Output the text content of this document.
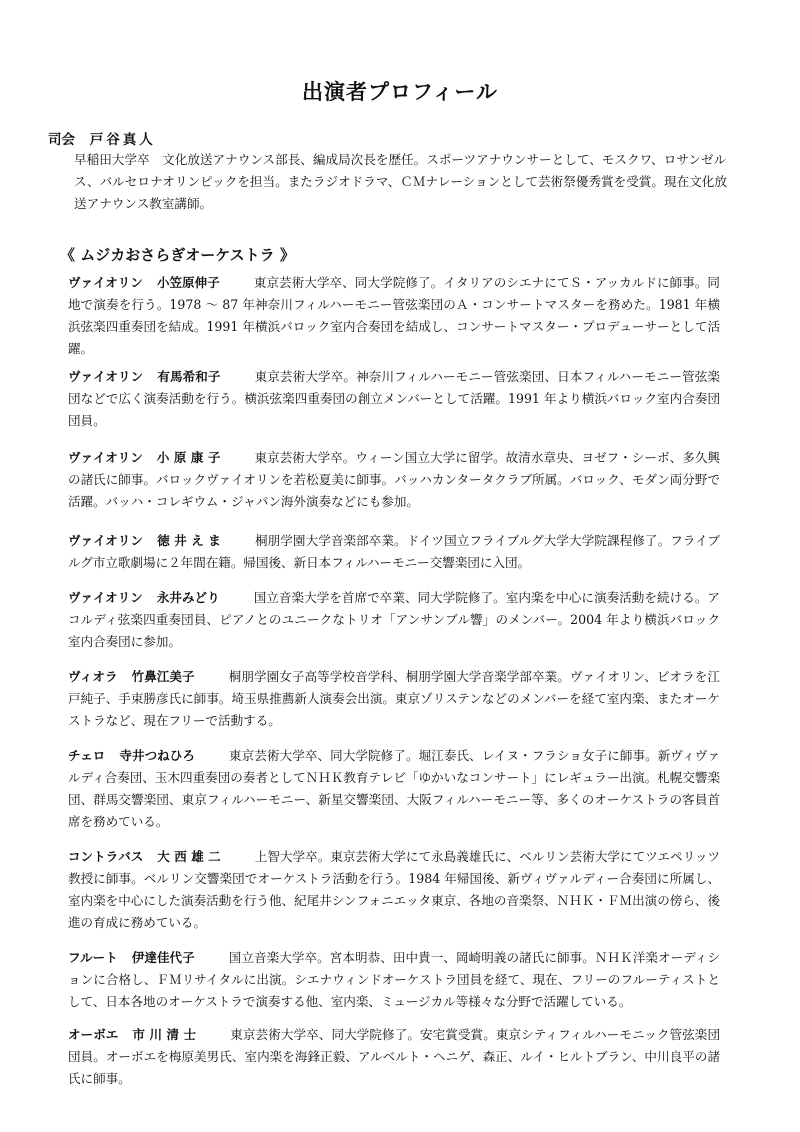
出演者プロフィール
司会 戸谷真人
早稲田大学卒　文化放送アナウンス部長、編成局次長を歴任。スポーツアナウンサーとして、モスクワ、ロサンゼルス、バルセロナオリンピックを担当。またラジオドラマ、ＣＭナレーションとして芸術祭優秀賞を受賞。現在文化放送アナウンス教室講師。
《 ムジカおさらぎオーケストラ 》
ヴァイオリン 小笠原伸子	東京芸術大学卒、同大学院修了。イタリアのシエナにてＳ・アッカルドに師事。同地で演奏を行う。1978 ～ 87 年神奈川フィルハーモニー管弦楽団のＡ・コンサートマスターを務めた。1981 年横浜弦楽四重奏団を結成。1991 年横浜バロック室内合奏団を結成し、コンサートマスター・プロデューサーとして活躍。
ヴァイオリン 有馬希和子	東京芸術大学卒。神奈川フィルハーモニー管弦楽団、日本フィルハーモニー管弦楽団などで広く演奏活動を行う。横浜弦楽四重奏団の創立メンバーとして活躍。1991 年より横浜バロック室内合奏団団員。
ヴァイオリン 小 原 康 子	東京芸術大学卒。ウィーン国立大学に留学。故清水章央、ヨゼフ・シーボ、多久興の諸氏に師事。バロックヴァイオリンを若松夏美に師事。バッハカンタータクラブ所属。バロック、モダン両分野で活躍。バッハ・コレギウム・ジャパン海外演奏などにも参加。
ヴァイオリン 徳 井 え ま	桐朋学園大学音楽部卒業。ドイツ国立フライブルグ大学大学院課程修了。フライブルグ市立歌劇場に２年間在籍。帰国後、新日本フィルハーモニー交響楽団に入団。
ヴァイオリン 永井みどり	国立音楽大学を首席で卒業、同大学院修了。室内楽を中心に演奏活動を続ける。アコルディ弦楽四重奏団員、ピアノとのユニークなトリオ「アンサンブル響」のメンバー。2004 年より横浜バロック室内合奏団に参加。
ヴィオラ 竹鼻江美子	桐朋学園女子高等学校音学科、桐朋学園大学音楽学部卒業。ヴァイオリン、ビオラを江戸純子、手束勝彦氏に師事。埼玉県推薦新人演奏会出演。東京ゾリステンなどのメンバーを経て室内楽、またオーケストラなど、現在フリーで活動する。
チェロ 寺井つねひろ	東京芸術大学卒、同大学院修了。堀江泰氏、レイヌ・フラショ女子に師事。新ヴィヴァルディ合奏団、玉木四重奏団の奏者としてＮＨＫ教育テレビ「ゆかいなコンサート」にレギュラー出演。札幌交響楽団、群馬交響楽団、東京フィルハーモニー、新星交響楽団、大阪フィルハーモニー等、多くのオーケストラの客員首席を務めている。
コントラバス 大 西 雄 二	上智大学卒。東京芸術大学にて永島義雄氏に、ベルリン芸術大学にてツエペリッツ教授に師事。ベルリン交響楽団でオーケストラ活動を行う。1984 年帰国後、新ヴィヴァルディー合奏団に所属し、室内楽を中心にした演奏活動を行う他、紀尾井シンフォニエッタ東京、各地の音楽祭、ＮＨＫ・ＦＭ出演の傍ら、後進の育成に務めている。
フルート 伊達佳代子	国立音楽大学卒。宮本明恭、田中貴一、岡崎明義の諸氏に師事。ＮＨＫ洋楽オーディションに合格し、ＦＭリサイタルに出演。シエナウィンドオーケストラ団員を経て、現在、フリーのフルーティストとして、日本各地のオーケストラで演奏する他、室内楽、ミュージカル等様々な分野で活躍している。
オーボエ 市 川 清 士	東京芸術大学卒、同大学院修了。安宅賞受賞。東京シティフィルハーモニック管弦楽団団員。オーボエを梅原美男氏、室内楽を海鋒正毅、アルベルト・ヘニゲ、森正、ルイ・ヒルトブラン、中川良平の諸氏に師事。
